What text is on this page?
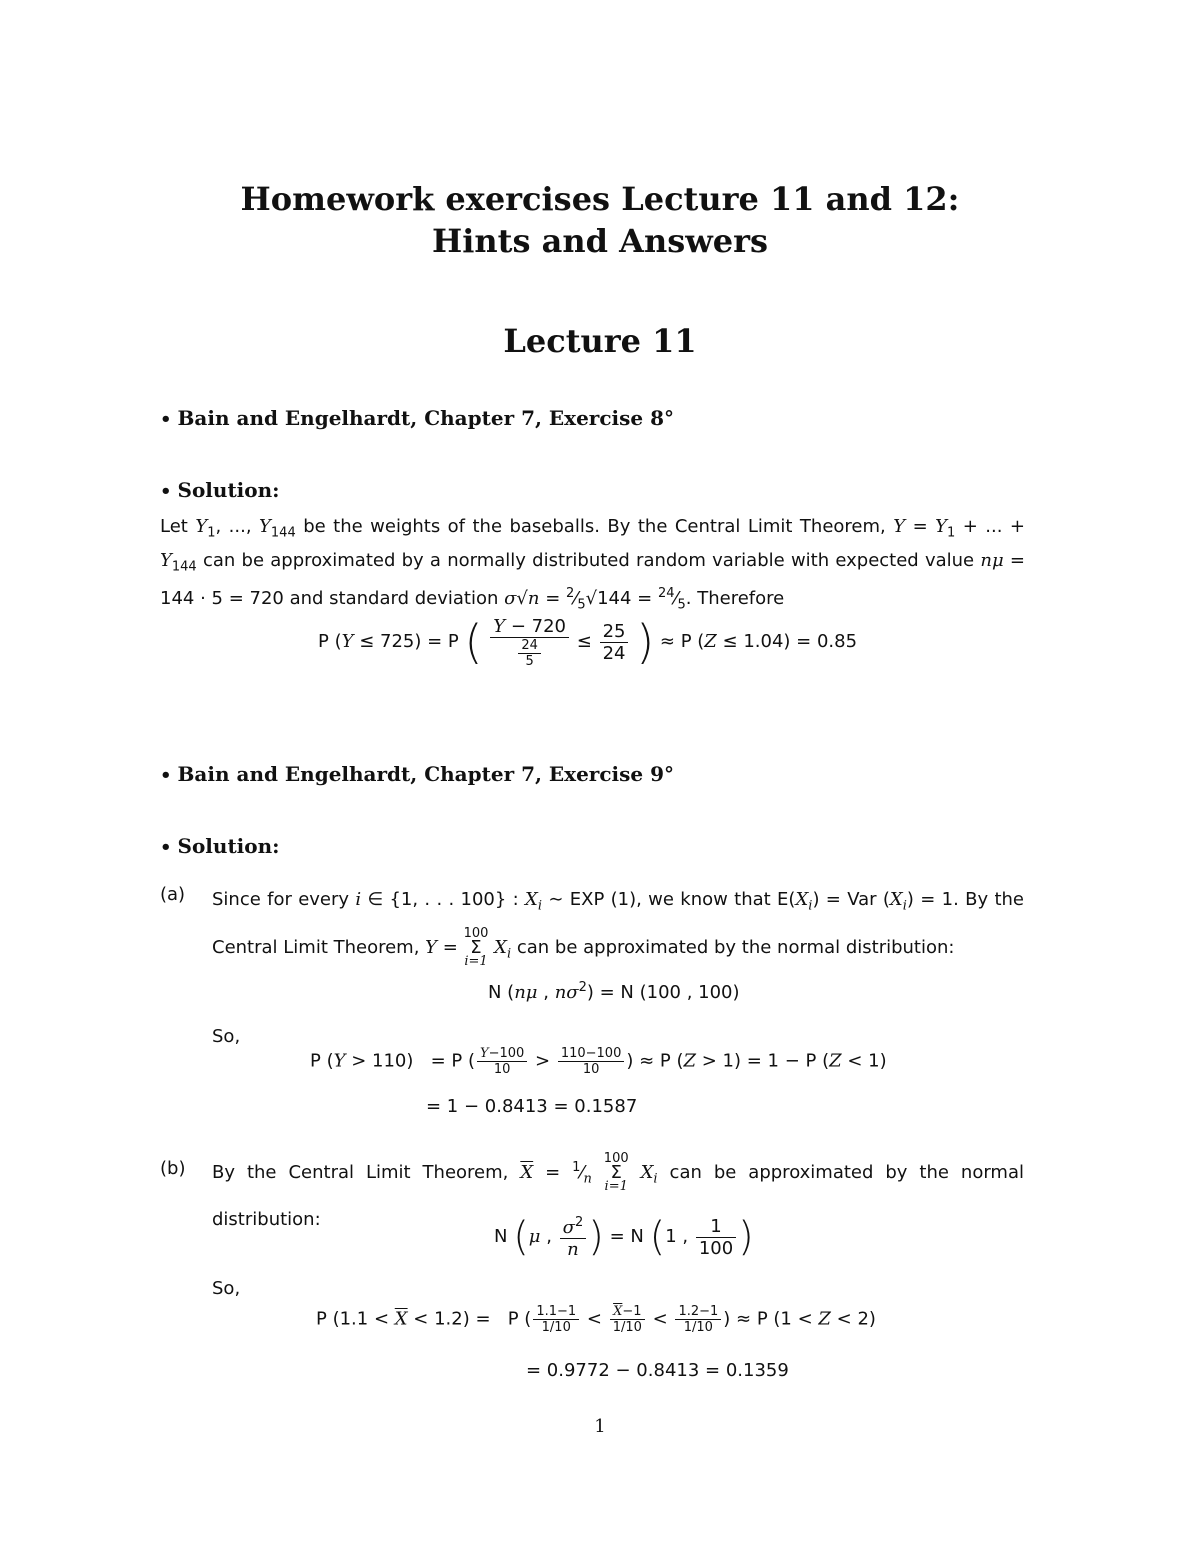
Homework exercises Lecture 11 and 12:
Hints and Answers
Lecture 11
• Bain and Engelhardt, Chapter 7, Exercise 8°
• Solution:
Let $Y_1$, ..., $Y_{144}$ be the weights of the baseballs. By the Central Limit Theorem, $Y = Y_1$ + ... + $Y_{144}$ can be approximated by a normally distributed random variable with expected value nμ = 144 · 5 = 720 and standard deviation $\sigma√n = ^2⁄_5√144$ = $^{24}⁄_5$. Therefore
P (Y ≤ 725) = P ( $\frac{Y - 720}{\frac{24}{5}} \le \frac{25}{24}$ ) ≈ P (Z ≤ 1.04) = 0.85
• Bain and Engelhardt, Chapter 7, Exercise 9°
• Solution:
(a) Since for every i ∈ {1, . . . 100} : $X_i$ ∼ EXP (1), we know that $E(X_i)$ = Var $(X_i) = 1$. By the Central Limit Theorem, Y =
100
Σ
i=1
$X_i$ can be approximated by the normal distribution:
N (nμ , $n\sigma^2) = N$ (100 , 100)
So,
P (Y > 110)   = P ( $\frac{Y-100}{10} > \frac{110-100}{10}$ ) ≈ P (Z > 1) = 1 − P (Z < 1)
= 1 − 0.8413 = 0.1587
(b) By the Central Limit Theorem, $\overline{X}$ = $^1⁄_n$
100
Σ
i=1
$X_i$ can be approximated by the normal distribution:
N (μ , $\frac{\sigma^2}{n}$ ) = N (1 , $\frac{1}{100}$ )
So,
P $(1.1 < \overline{X} < 1.2) = P$ ( $\frac{1.1-1}{1/10} < \frac{\overline{X}-1}{1/10} < \frac{1.2-1}{1/10}$ ) ≈ P (1 < Z < 2)
= 0.9772 − 0.8413 = 0.1359
1
